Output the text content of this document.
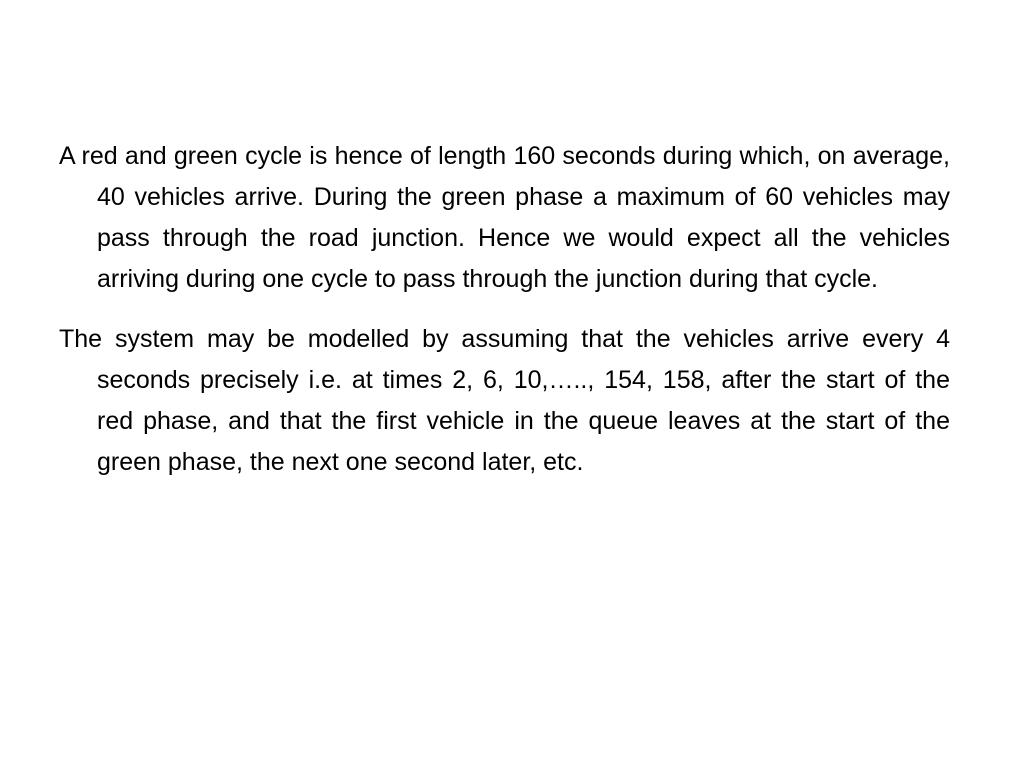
A red and green cycle is hence of length 160 seconds during which, on average, 40 vehicles arrive. During the green phase a maximum of 60 vehicles may pass through the road junction. Hence we would expect all the vehicles arriving during one cycle to pass through the junction during that cycle.

The system may be modelled by assuming that the vehicles arrive every 4 seconds precisely i.e. at times 2, 6, 10,….., 154, 158, after the start of the red phase, and that the first vehicle in the queue leaves at the start of the green phase, the next one second later, etc.
